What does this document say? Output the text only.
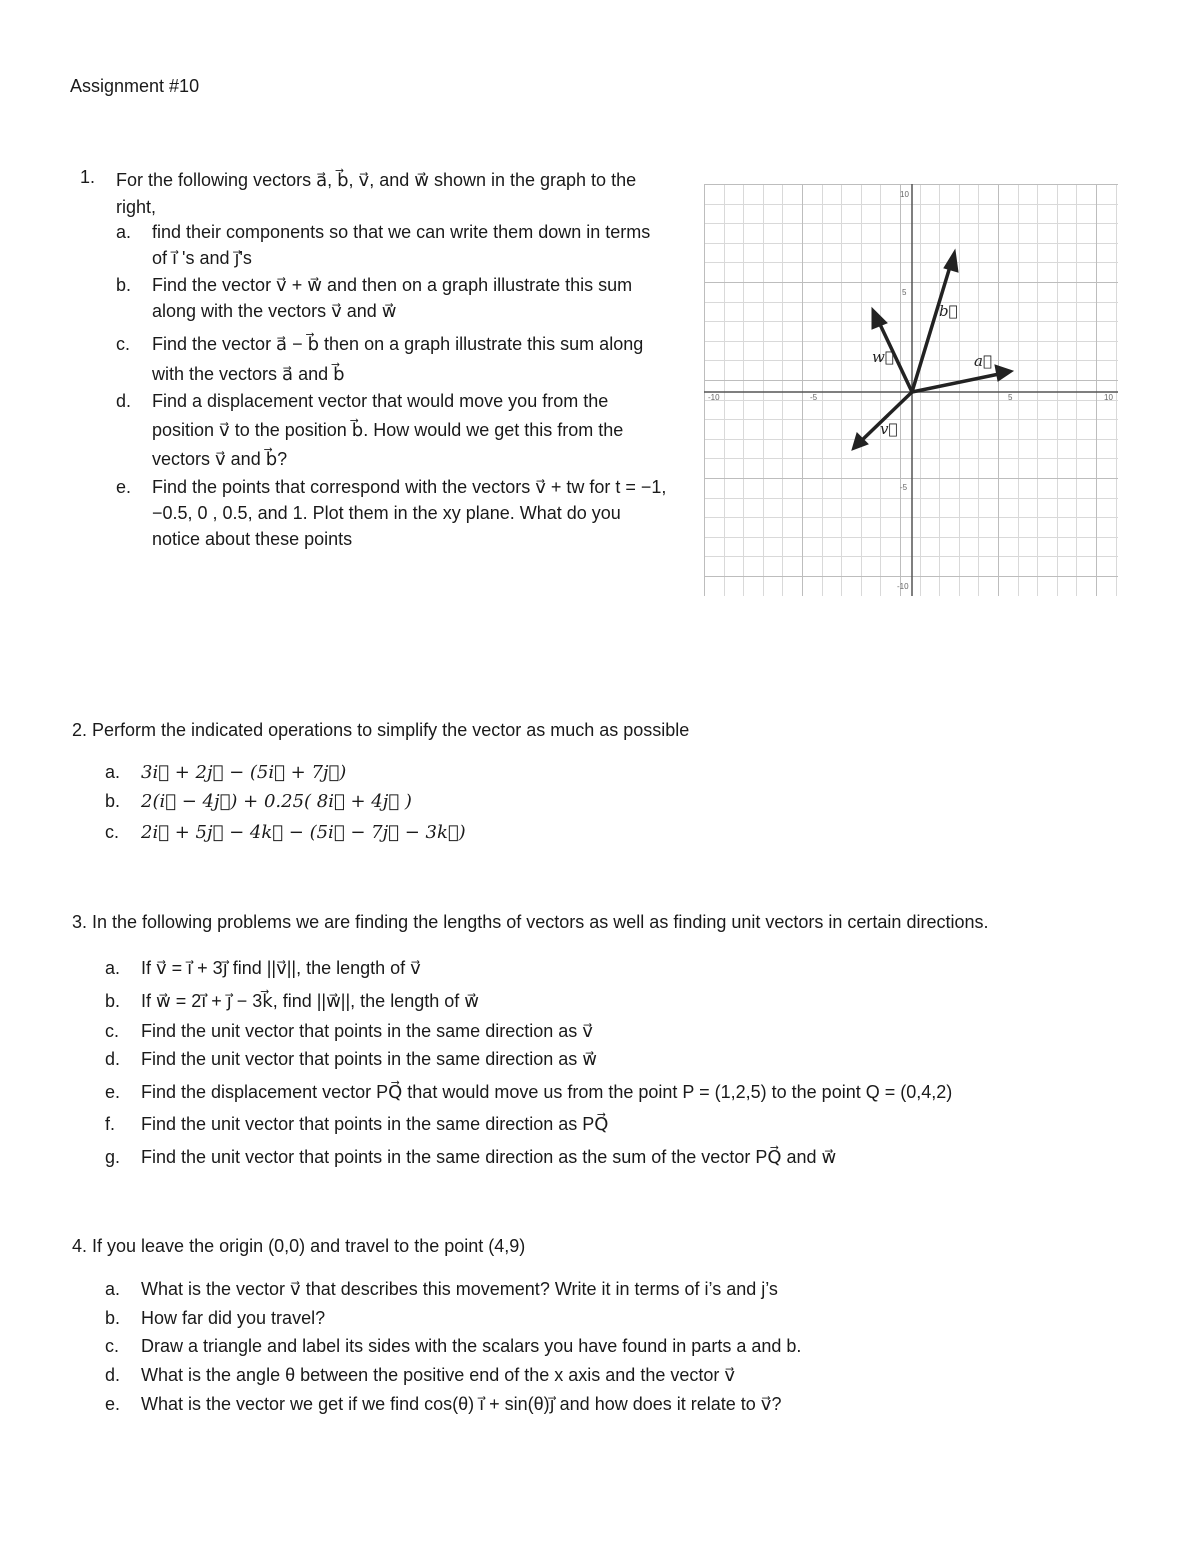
Assignment #10
1. For the following vectors a⃗, b⃗, v⃗, and w⃗ shown in the graph to the right,
a. find their components so that we can write them down in terms of i⃗ 's and j⃗'s
b. Find the vector v⃗ + w⃗ and then on a graph illustrate this sum along with the vectors v⃗ and w⃗
c. Find the vector a⃗ − b⃗ then on a graph illustrate this sum along with the vectors a⃗ and b⃗
d. Find a displacement vector that would move you from the position v⃗ to the position b⃗. How would we get this from the vectors v⃗ and b⃗?
e. Find the points that correspond with the vectors v⃗ + tw for t = −1, −0.5, 0 , 0.5, and 1. Plot them in the xy plane. What do you notice about these points
-10	-5	5	10
10
5
-5
-10
b⃗
a⃗
w⃗
v⃗
2. Perform the indicated operations to simplify the vector as much as possible
a. 3i⃗ + 2j⃗ − (5i⃗ + 7j⃗)
b. 2(i⃗ − 4j⃗) + 0.25( 8i⃗ + 4j⃗ )
c. 2i⃗ + 5j⃗ − 4k⃗ − (5i⃗ − 7j⃗ − 3k⃗)
3. In the following problems we are finding the lengths of vectors as well as finding unit vectors in certain directions.
a. If v⃗ = i⃗ + 3j⃗ find ||v⃗||, the length of v⃗
b. If w⃗ = 2i⃗ + j⃗ − 3k⃗, find ||w⃗||, the length of w⃗
c. Find the unit vector that points in the same direction as v⃗
d. Find the unit vector that points in the same direction as w⃗
e. Find the displacement vector PQ⃗ that would move us from the point P = (1,2,5) to the point Q = (0,4,2)
f. Find the unit vector that points in the same direction as PQ⃗
g. Find the unit vector that points in the same direction as the sum of the vector PQ⃗ and w⃗
4. If you leave the origin (0,0) and travel to the point (4,9)
a. What is the vector v⃗ that describes this movement? Write it in terms of i’s and j’s
b. How far did you travel?
c. Draw a triangle and label its sides with the scalars you have found in parts a and b.
d. What is the angle θ between the positive end of the x axis and the vector v⃗
e. What is the vector we get if we find cos(θ) i⃗ + sin(θ)j⃗ and how does it relate to v⃗?
